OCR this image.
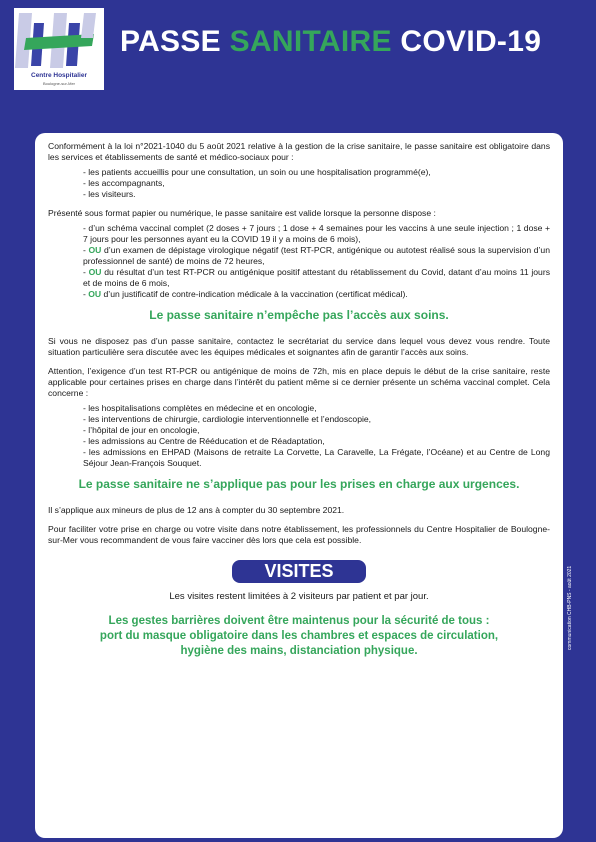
Centre Hospitalier
Boulogne-sur-Mer
PASSE SANITAIRE COVID-19

Conformément à la loi n°2021-1040 du 5 août 2021 relative à la gestion de la crise sanitaire, le passe sanitaire est obligatoire dans les services et établissements de santé et médico-sociaux pour :

- les patients accueillis pour une consultation, un soin ou une hospitalisation programmé(e),
- les accompagnants,
- les visiteurs.

Présenté sous format papier ou numérique, le passe sanitaire est valide lorsque la personne dispose :

- d’un schéma vaccinal complet (2 doses + 7 jours ; 1 dose + 4 semaines pour les vaccins à une seule injection ; 1 dose + 7 jours pour les personnes ayant eu la COVID 19 il y a moins de 6 mois),
- OU d’un examen de dépistage virologique négatif (test RT-PCR, antigénique ou autotest réalisé sous la supervision d’un professionnel de santé) de moins de 72 heures,
- OU du résultat d’un test RT-PCR ou antigénique positif attestant du rétablissement du Covid, datant d’au moins 11 jours et de moins de 6 mois,
- OU d’un justificatif de contre-indication médicale à la vaccination (certificat médical).
Le passe sanitaire n’empêche pas l’accès aux soins.

Si vous ne disposez pas d’un passe sanitaire, contactez le secrétariat du service dans lequel vous devez vous rendre. Toute situation particulière sera discutée avec les équipes médicales et soignantes afin de garantir l’accès aux soins.

Attention, l’exigence d’un test RT-PCR ou antigénique de moins de 72h, mis en place depuis le début de la crise sanitaire, reste applicable pour certaines prises en charge dans l’intérêt du patient même si ce dernier présente un schéma vaccinal complet. Cela concerne :

- les hospitalisations complètes en médecine et en oncologie,
- les interventions de chirurgie, cardiologie interventionnelle et l’endoscopie,
- l’hôpital de jour en oncologie,
- les admissions au Centre de Rééducation et de Réadaptation,
- les admissions en EHPAD (Maisons de retraite La Corvette, La Caravelle, La Frégate, l’Océane) et au Centre de Long Séjour Jean-François Souquet.
Le passe sanitaire ne s’applique pas pour les prises en charge aux urgences.

Il s’applique aux mineurs de plus de 12 ans à compter du 30 septembre 2021.

Pour faciliter votre prise en charge ou votre visite dans notre établissement, les professionnels du Centre Hospitalier de Boulogne-sur-Mer vous recommandent de vous faire vacciner dès lors que cela est possible.

VISITES
Les visites restent limitées à 2 visiteurs par patient et par jour.
Les gestes barrières doivent être maintenus pour la sécurité de tous :
port du masque obligatoire dans les chambres et espaces de circulation,
hygiène des mains, distanciation physique.
communication CHB-PNS - août 2021
